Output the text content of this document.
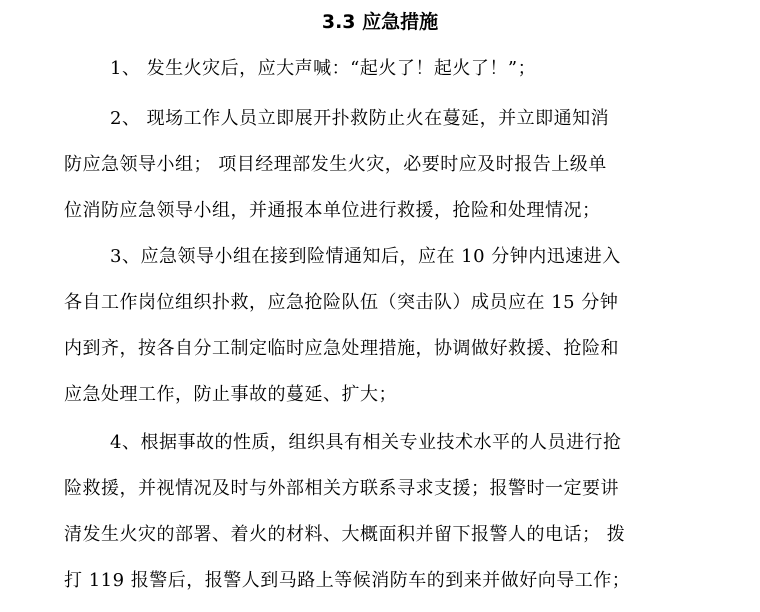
3.3 应急措施
1、 发生火灾后，应大声喊：“起火了！起火了！”；
2、 现场工作人员立即展开扑救防止火在蔓延，并立即通知消
防应急领导小组； 项目经理部发生火灾，必要时应及时报告上级单
位消防应急领导小组，并通报本单位进行救援，抢险和处理情况；
3、应急领导小组在接到险情通知后，应在 10 分钟内迅速进入
各自工作岗位组织扑救，应急抢险队伍（突击队）成员应在 15 分钟
内到齐，按各自分工制定临时应急处理措施，协调做好救援、抢险和
应急处理工作，防止事故的蔓延、扩大；
4、根据事故的性质，组织具有相关专业技术水平的人员进行抢
险救援，并视情况及时与外部相关方联系寻求支援；报警时一定要讲
清发生火灾的部署、着火的材料、大概面积并留下报警人的电话； 拨
打 119 报警后，报警人到马路上等候消防车的到来并做好向导工作；
